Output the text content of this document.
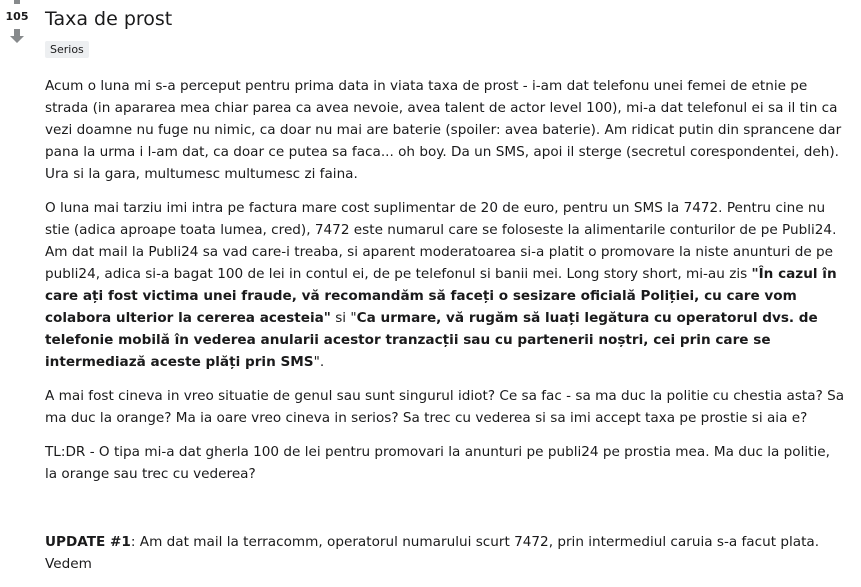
105 Taxa de prost
Serios

Acum o luna mi s-a perceput pentru prima data in viata taxa de prost - i-am dat telefonu unei femei de etnie pe strada (in apararea mea chiar parea ca avea nevoie, avea talent de actor level 100), mi-a dat telefonul ei sa il tin ca vezi doamne nu fuge nu nimic, ca doar nu mai are baterie (spoiler: avea baterie). Am ridicat putin din sprancene dar pana la urma i l-am dat, ca doar ce putea sa faca... oh boy. Da un SMS, apoi il sterge (secretul corespondentei, deh). Ura si la gara, multumesc multumesc zi faina.

O luna mai tarziu imi intra pe factura mare cost suplimentar de 20 de euro, pentru un SMS la 7472. Pentru cine nu stie (adica aproape toata lumea, cred), 7472 este numarul care se foloseste la alimentarile conturilor de pe Publi24. Am dat mail la Publi24 sa vad care-i treaba, si aparent moderatoarea si-a platit o promovare la niste anunturi de pe publi24, adica si-a bagat 100 de lei in contul ei, de pe telefonul si banii mei. Long story short, mi-au zis "În cazul în care ați fost victima unei fraude, vă recomandăm să faceți o sesizare oficială Poliției, cu care vom colabora ulterior la cererea acesteia" si "Ca urmare, vă rugăm să luați legătura cu operatorul dvs. de telefonie mobilă în vederea anularii acestor tranzacții sau cu partenerii noștri, cei prin care se intermediază aceste plăți prin SMS".

A mai fost cineva in vreo situatie de genul sau sunt singurul idiot? Ce sa fac - sa ma duc la politie cu chestia asta? Sa ma duc la orange? Ma ia oare vreo cineva in serios? Sa trec cu vederea si sa imi accept taxa pe prostie si aia e?

TL:DR - O tipa mi-a dat gherla 100 de lei pentru promovari la anunturi pe publi24 pe prostia mea. Ma duc la politie, la orange sau trec cu vederea?

UPDATE #1: Am dat mail la terracomm, operatorul numarului scurt 7472, prin intermediul caruia s-a facut plata. Vedem
